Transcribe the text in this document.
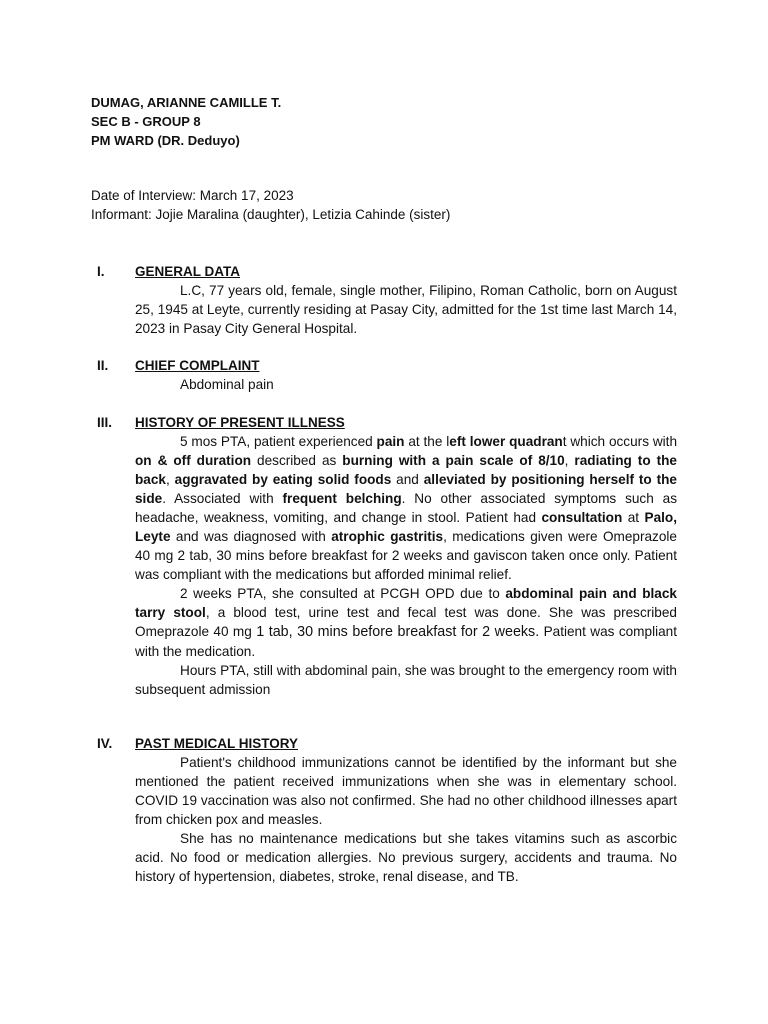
DUMAG, ARIANNE CAMILLE T.
SEC B - GROUP 8
PM WARD (DR. Deduyo)
Date of Interview: March 17, 2023
Informant: Jojie Maralina (daughter), Letizia Cahinde (sister)
I.	GENERAL DATA

L.C, 77 years old, female, single mother, Filipino, Roman Catholic, born on August 25, 1945 at Leyte, currently residing at Pasay City, admitted for the 1st time last March 14, 2023 in Pasay City General Hospital.

II.	CHIEF COMPLAINT

Abdominal pain

III.	HISTORY OF PRESENT ILLNESS

5 mos PTA, patient experienced pain at the left lower quadrant which occurs with on & off duration described as burning with a pain scale of 8/10, radiating to the back, aggravated by eating solid foods and alleviated by positioning herself to the side. Associated with frequent belching. No other associated symptoms such as headache, weakness, vomiting, and change in stool. Patient had consultation at Palo, Leyte and was diagnosed with atrophic gastritis, medications given were Omeprazole 40 mg 2 tab, 30 mins before breakfast for 2 weeks and gaviscon taken once only. Patient was compliant with the medications but afforded minimal relief.

2 weeks PTA, she consulted at PCGH OPD due to abdominal pain and black tarry stool, a blood test, urine test and fecal test was done. She was prescribed Omeprazole 40 mg 1 tab, 30 mins before breakfast for 2 weeks. Patient was compliant with the medication.

Hours PTA, still with abdominal pain, she was brought to the emergency room with subsequent admission

IV.	PAST MEDICAL HISTORY

Patient's childhood immunizations cannot be identified by the informant but she mentioned the patient received immunizations when she was in elementary school. COVID 19 vaccination was also not confirmed. She had no other childhood illnesses apart from chicken pox and measles.

She has no maintenance medications but she takes vitamins such as ascorbic acid. No food or medication allergies. No previous surgery, accidents and trauma. No history of hypertension, diabetes, stroke, renal disease, and TB.
